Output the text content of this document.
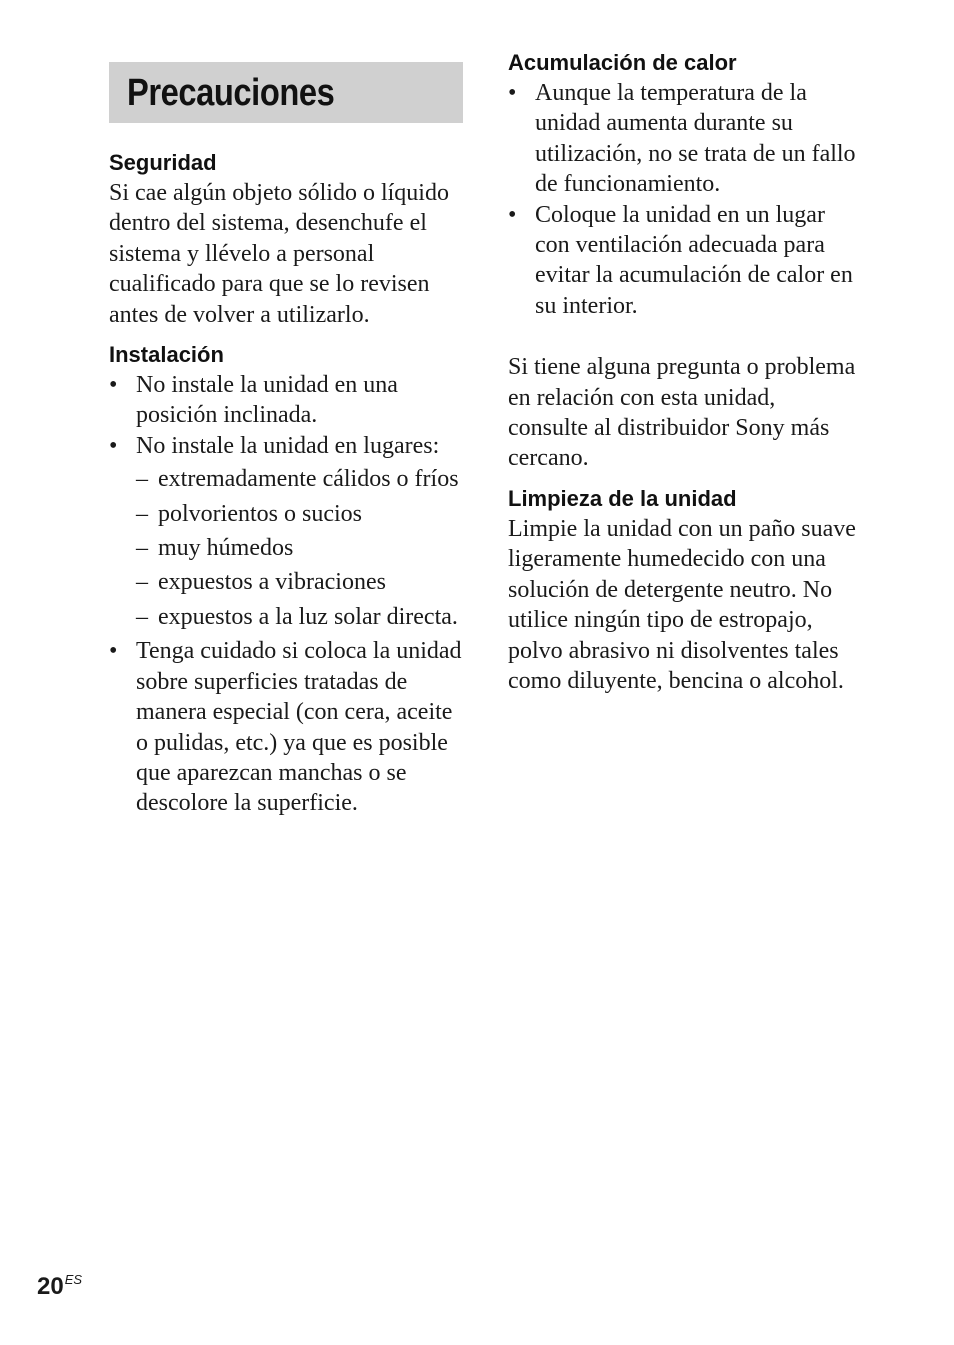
Precauciones

Seguridad

Si cae algún objeto sólido o líquido dentro del sistema, desenchufe el sistema y llévelo a personal cualificado para que se lo revisen antes de volver a utilizarlo.

Instalación

• No instale la unidad en una posición inclinada.
• No instale la unidad en lugares:
– extremadamente cálidos o fríos
– polvorientos o sucios
– muy húmedos
– expuestos a vibraciones
– expuestos a la luz solar directa.
• Tenga cuidado si coloca la unidad sobre superficies tratadas de manera especial (con cera, aceite o pulidas, etc.) ya que es posible que aparezcan manchas o se descolore la superficie.

Acumulación de calor

• Aunque la temperatura de la unidad aumenta durante su utilización, no se trata de un fallo de funcionamiento.
• Coloque la unidad en un lugar con ventilación adecuada para evitar la acumulación de calor en su interior.

Si tiene alguna pregunta o problema en relación con esta unidad, consulte al distribuidor Sony más cercano.

Limpieza de la unidad

Limpie la unidad con un paño suave ligeramente humedecido con una solución de detergente neutro. No utilice ningún tipo de estropajo, polvo abrasivo ni disolventes tales como diluyente, bencina o alcohol.

$20^{ES}$
